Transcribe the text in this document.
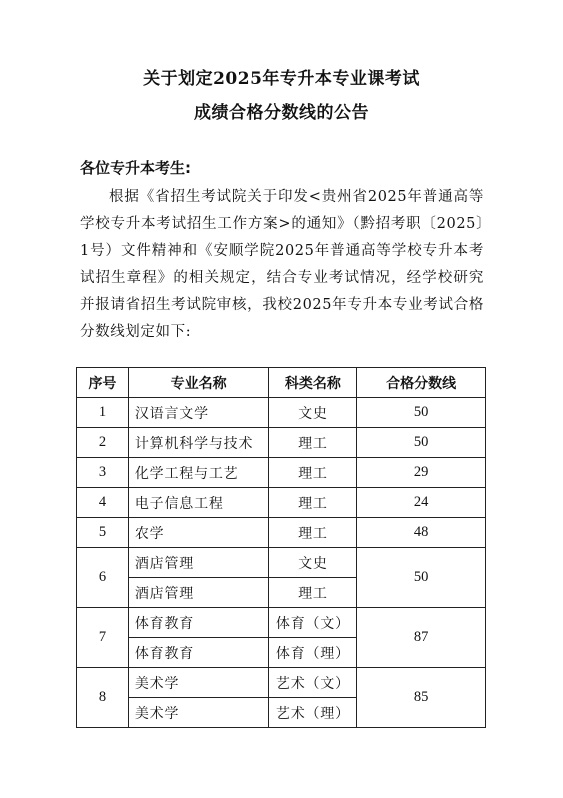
关于划定2025年专升本专业课考试
成绩合格分数线的公告
各位专升本考生:
根据《省招生考试院关于印发<贵州省2025年普通高等学校专升本考试招生工作方案>的通知》（黔招考职〔2025〕1号）文件精神和《安顺学院2025年普通高等学校专升本考试招生章程》的相关规定，结合专业考试情况，经学校研究并报请省招生考试院审核，我校2025年专升本专业考试合格分数线划定如下:
序号	专业名称	科类名称	合格分数线
1	汉语言文学	文史	50
2	计算机科学与技术	理工	50
3	化学工程与工艺	理工	29
4	电子信息工程	理工	24
5	农学	理工	48
6	酒店管理	文史	50
	酒店管理	理工	
7	体育教育	体育（文）	87
	体育教育	体育（理）	
8	美术学	艺术（文）	85
	美术学	艺术（理）	
